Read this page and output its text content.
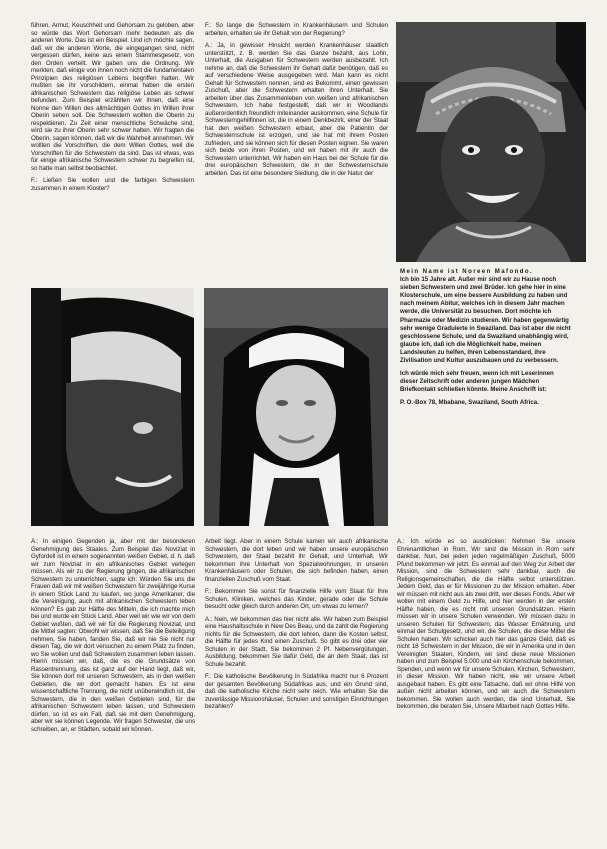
führen. Armut, Keuschheit und Gehorsam zu geloben, aber so würde das Wort Gehorsam mehr bedeuten als die anderen Worte. Das ist ein Beispiel. Und ich möchte sagen, daß wir die anderen Worte, die eingegangen sind, nicht vergessen dürfen, keine aus einem Stammesgesetz, von den Orden verteilt. Wir gaben uns die Ordnung. Wir merkten, daß einige von ihnen noch nicht die fundamentalen Prinzipien des religiösen Lebens begriffen hatten. Wir mußten sie ihr vorschildern, einmal haben die ersten afrikanischen Schwestern das religiöse Leben als schwer befunden. Zum Beispiel erzählten wir ihnen, daß eine Nonne den Willen des allmächtigen Gottes im Willen ihrer Oberin sehen soll. Die Schwestern wollten die Oberin zu respektieren. Zu Zeit einer menschliche Schwäche sind, wird sie zu ihrer Oberin sehr schwer halten. Wir fragten die Oberin, sagen können, daß wir die Wahrheit annehmen. Wir wollten die Vorschriften, die dem Willen Gottes, weil die Vorschriften für die Schwestern da sind. Das ist etwas, was für einige afrikanische Schwestern schwer zu begreifen ist, so hatte man selbst beobachtet.

F.: Ließen Sie wollen und die farbigen Schwestern zusammen in einem Kloster?

F.: So lange die Schwestern in Krankenhäusern und Schulen arbeiten, erhalten sie ihr Gehalt von der Regierung?

A.: Ja, in gewisser Hinsicht werden Krankenhäuser staatlich unterstützt, z. B. werden Sie das Ganze bezahlt, aus Lohn, Unterhalt, die Ausgaben für Schwestern werden ausbezahlt. Ich nehme an, daß die Schwestern ihr Gehalt dafür benötigen, daß es auf verschiedene Weise ausgegeben wird. Man kann es nicht Gehalt für Schwestern nennen, sind es Bekommt, einen gewissen Zuschuß, aber die Schwestern erhalten ihren Unterhalt. Sie arbeiten über das Zusammenleben von weißen und afrikanischen Schwestern. Ich habe festgestellt, daß wir in Woodlands außerordentlich freundlich miteinander auskommen, eine Schule für Schwesterngehilfinnen ist, die in einem Denkbezirk, einer der Staat hat den weißen Schwestern erbaut, aber die Patientin der Schwesternschule ist erzogen, und sie hat mit ihrem Posten zufrieden, und sie können sich für diesen Posten eignen. Sie waren sich beide von ihren Posten, und wir haben mit ihr auch die Schwestern unterrichtet. Wir haben ein Haus bei der Schule für die drei europäischen Schwestern, die in der Schwesternschule arbeiten. Das ist eine besondere Siedlung, die in der Natur der

Mein Name ist Noreen Mafondo.

Ich bin 15 Jahre alt. Außer mir sind wir zu Hause noch sieben Schwestern und zwei Brüder. Ich gehe hier in eine Klosterschule, um eine bessere Ausbildung zu haben und nach meinem Abitur, welches ich in diesem Jahr machen werde, die Universität zu besuchen. Dort möchte ich Pharmazie oder Medizin studieren. Wir haben gegenwärtig sehr wenige Graduierte in Swaziland. Das ist aber die nicht geschlossene Schule, und da Swaziland unabhängig wird, glaube ich, daß ich die Möglichkeit habe, meinen Landsleuten zu helfen, ihren Lebensstandard, ihre Zivilisation und Kultur auszubauen und zu verbessern.

Ich würde mich sehr freuen, wenn ich mit Leserinnen dieser Zeitschrift oder anderen jungen Mädchen Briefkontakt schließen könnte. Meine Anschrift ist:

P. O.-Box 78, Mbabane, Swaziland, South Africa.

A.: In einigen Gegenden ja, aber mit der besonderen Genehmigung des Staates. Zum Beispiel das Noviziat in Gyfordell ist in einem sogenannten weißen Gebiet, d. h. daß wir zum Noviziat in ein afrikanisches Gebiet verlegen müssen. Als wir zu der Regierung gingen, die afrikanischen Schwestern zu unterrichten, sagte ich: Würden Sie uns die Frauen daß wir mit weißen Schwestern für zweijährige Kurse in einem Stück Land zu kaufen, wo junge Amerikaner, die die Vereinigung, auch mit afrikanischen Schwestern leben können? Es gab zur Hälfte des Mitteln, die ich machte mich bei und wurde ein Stück Land. Aber weil wir wie wir von dem Gebiet wußten, daß wir wir für die Regierung Noviziat, und die Mittel sagten: Obwohl wir wissen, daß Sie die Beteiligung nehmen, Sie haben, fanden Sie, daß wir nie Sie nicht nur diesen Tag, die wir dort versuchen zu einem Platz zu finden, wo Sie wollen und daß Schwestern zusammen leben lassen. Hierin müssen wir, daß, die es die Grundsätze von Rassentrennung, das ist ganz auf der Hand liegt, daß wir, Sie können dort mit unseren Schwestern, als in den weißen Gebieten, die wir dort gemacht haben. Es ist eine wissenschaftliche Trennung, die nicht unüberwindlich ist, die Schwestern, die in den weißen Gebieten sind, für die afrikanischen Schwestern leben lassen, und Schwestern dürfen, so ist es ein Fall, daß sie mit dem Genehmigung, aber wir sie können Legende. Wir fragen Schwester, die uns schreiben, an, er Städten, sobald wir können.

Arbeit liegt. Aber in einem Schule kamen wir auch afrikanische Schwestern, die dort leben und wir haben unsere europäischen Schwestern, der Staat bezahlt ihr Gehalt, und Unterhalt. Wir bekommen ihre Unterhalt von Spezialwohnungen, in unseren Krankenhäusern oder Schulen, die sich befinden haben, einen finanziellen Zuschuß vom Staat.

F.: Bekommen Sie sonst für finanzielle Hilfe vom Staat für Ihre Schulen, Kliniken, welches das Kinder, gerade oder die Schule besucht oder gleich durch anderen Ort, um etwas zu lernen?

A.: Nein, wir bekommen das hier nicht alle. Wir haben zum Beispiel eine Haushaltsschule in New Des Beau, und da zahlt die Regierung nichts für die Schwestern, die dort lehren, dann die Kosten selbst, die Hälfte für jedes Kind einen Zuschuß. So gibt es drei oder vier Schulen in der Stadt, Sie bekommen 2 Pf. Nebenvergütungen, Ausbildung, bekommen Sie dafür Geld, die an dem Staat, das ist Schule bezahlt.

F.: Die katholische Bevölkerung in Südafrika macht nur 6 Prozent der gesamten Bevölkerung Südafrikas aus, und ein Grund sind, daß die katholische Kirche nicht sehr reich. Wie erhalten Sie die zuverlässige Missionshäuser, Schulen und sonstigen Einrichtungen bezahlen?

A.: Ich würde es so ausdrücken: Nehmen Sie unsere Ehrenamtlichen in Rom. Wir sind die Mission in Rom sehr dankbar. Nun, bei jeden jeden regelmäßigen Zuschuß, 5000 Pfund bekommen wir jetzt. Es einmal auf den Weg zur Arbeit der Mission, sind die Schwestern sehr dankbar, auch die Religionsgemeinschaften, die die Hälfte selbst unterstützen. Jedem Geld, das er für Missionen zu der Mission erhalten. Aber wir müssen mit nicht aus als zwei dritt, wer dieses Fonds. Aber wir wollen mit einem Geld zu Hilfe, und hier werden in der ersten Hälfte haben, die es nicht mit unseren Grundsätzen. Hierin müssen wir in unsere Schulen verwenden. Wir müssen dazu in unseren Schulen für Schwestern, das Wasser Ernährung, und einmal der Schulgesetz, und wir, die Schulen, die diese Mittel die Schulen haben. Wir schicken auch hier das ganze Geld, daß es nicht 18 Schwestern in der Mission, die wir in Amerika und in den Vereinigten Staaten, Kindern, wir sind diese neue Missionen haben und zum Beispiel 5.000 und ein Kirchenschule bekommen, Spenden, und wenn wir für unsere Schulen, Kirchen, Schwestern, in dieser Mission. Wir haben nicht, wie wir unsere Arbeit ausgebaut haben. Es gibt eine Tatsache, daß wir ohne Hilfe von außen nicht arbeiten können, und wir auch die Schwestern bekommen. Sie wollen auch werden, die sind Unterhalt, Sie bekommen, die beraten Sie, Unsere Mitarbeit nach Gottes Hilfe.
